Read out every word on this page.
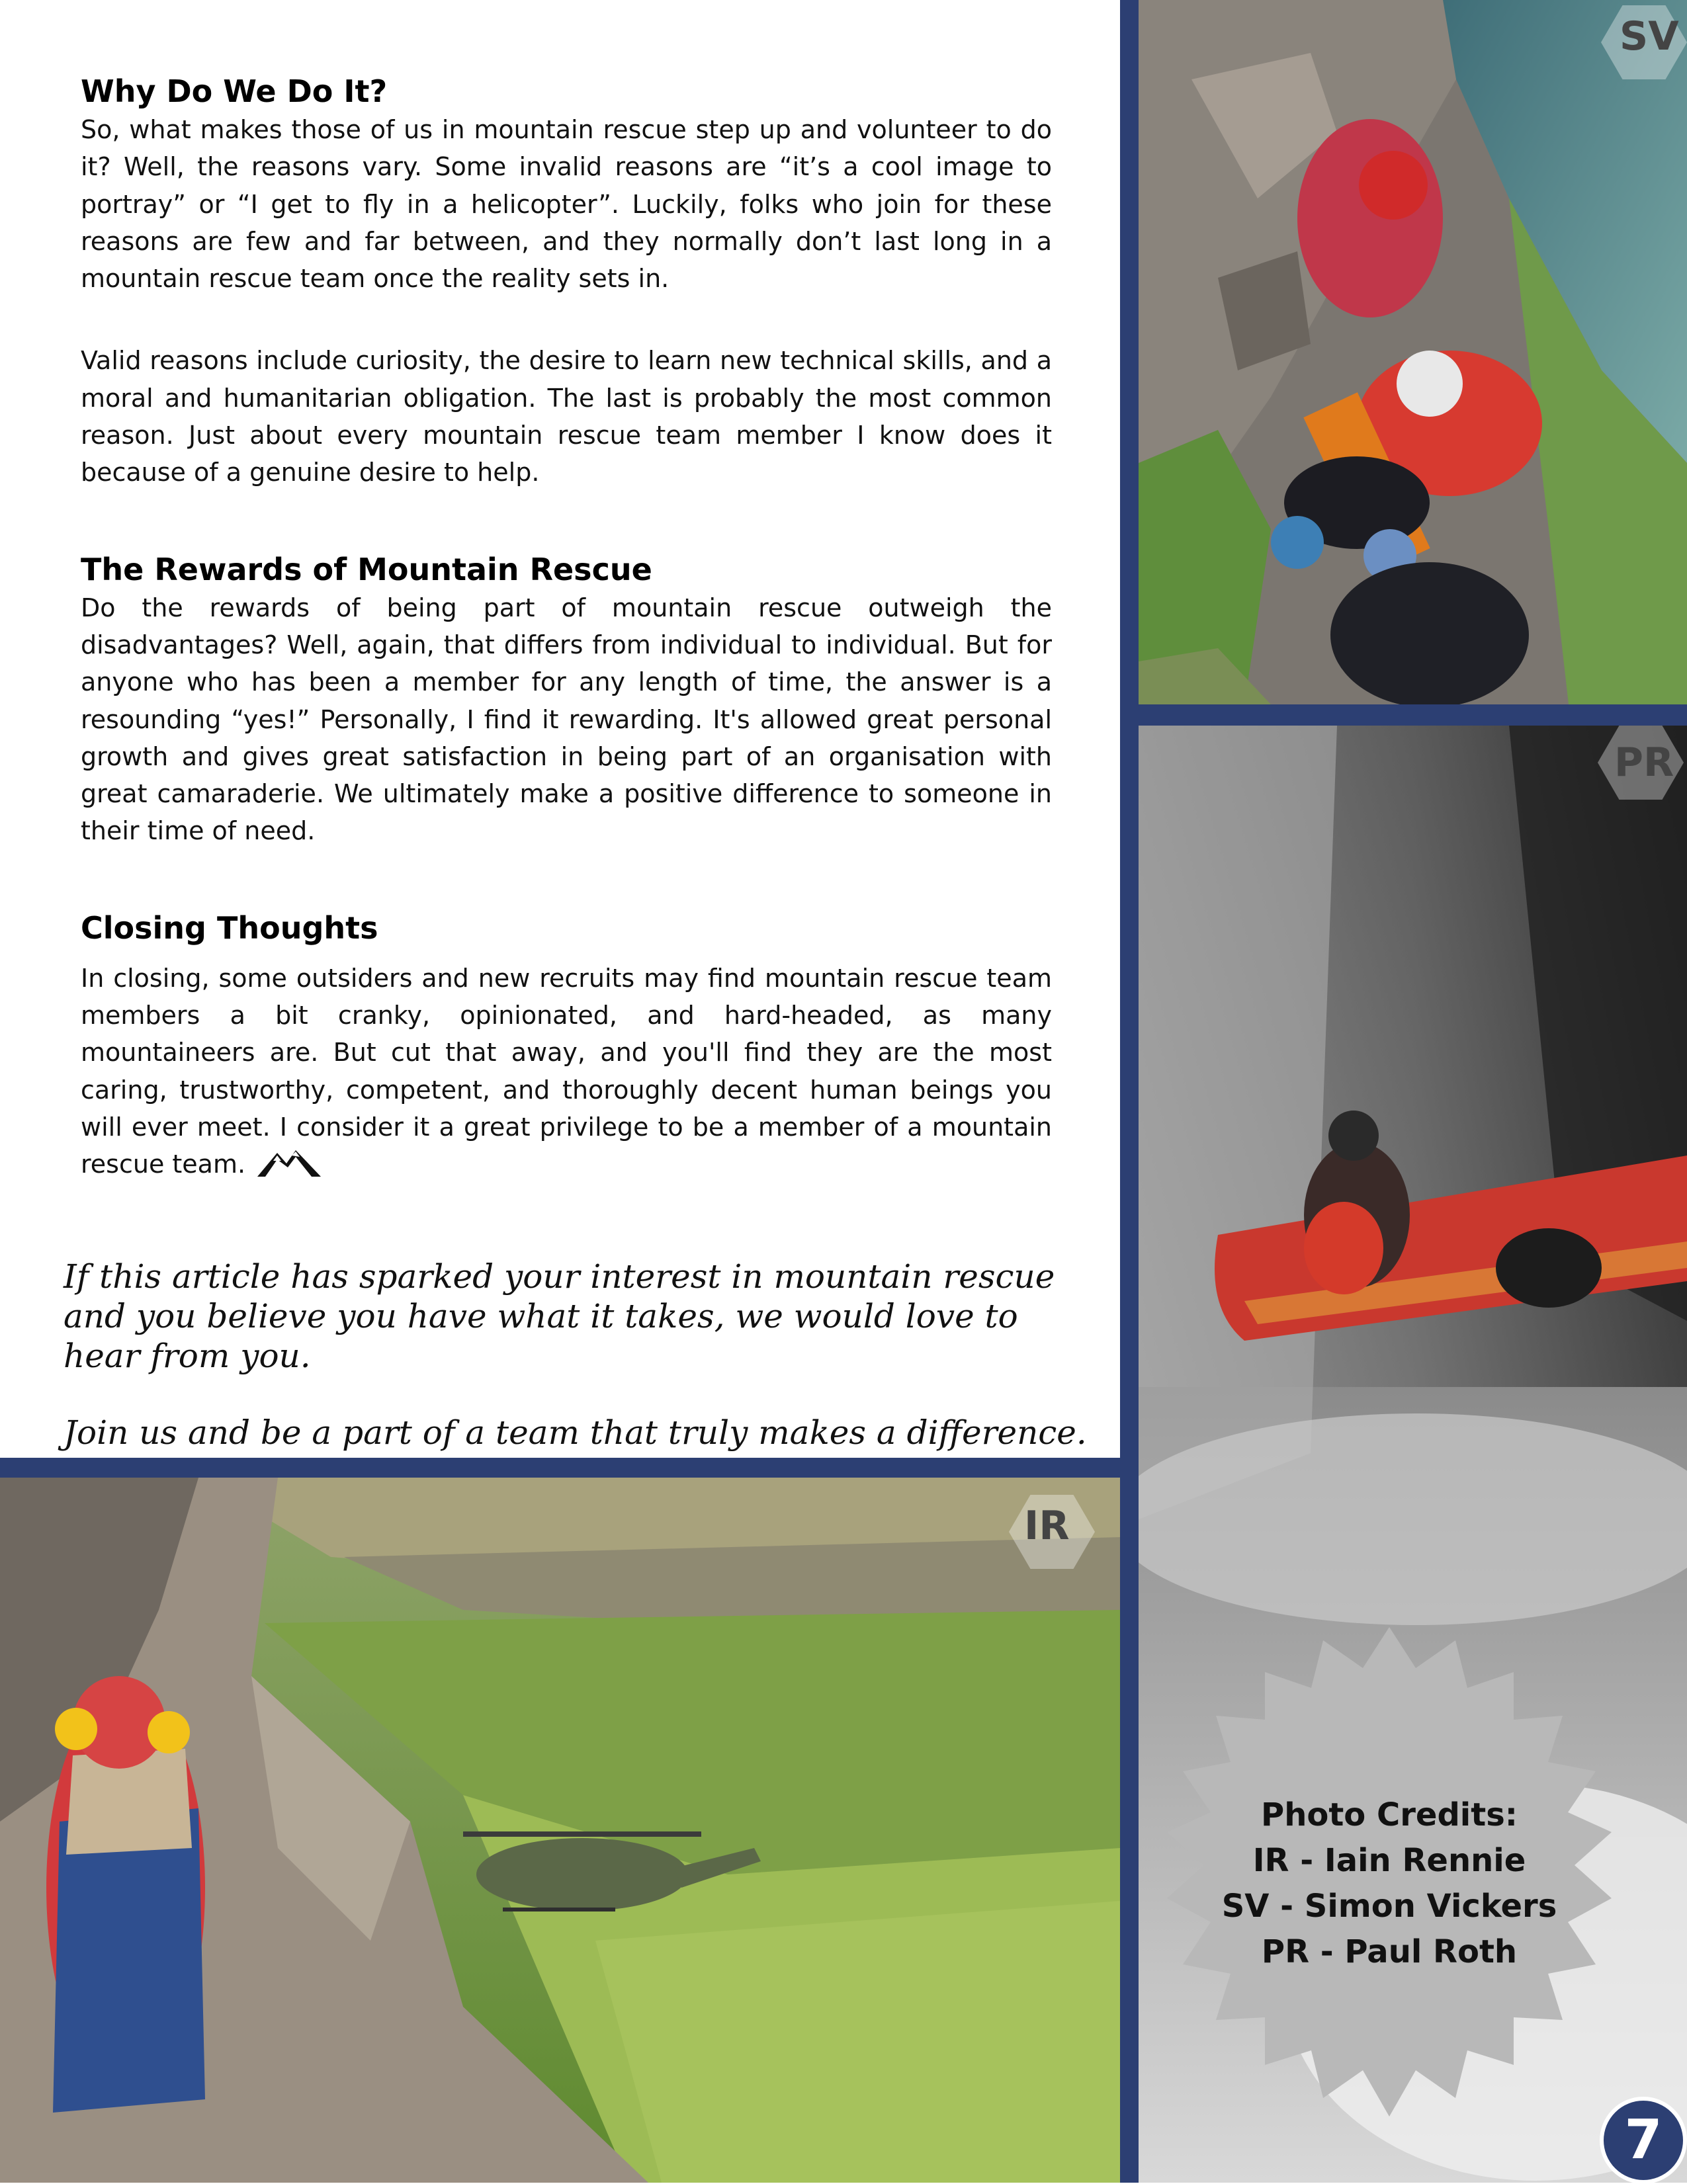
Why Do We Do It?

So, what makes those of us in mountain rescue step up and volunteer to do it? Well, the reasons vary. Some invalid reasons are “it’s a cool image to portray” or “I get to fly in a helicopter”. Luckily, folks who join for these reasons are few and far between, and they normally don’t last long in a mountain rescue team once the reality sets in.

Valid reasons include curiosity, the desire to learn new technical skills, and a moral and humanitarian obligation. The last is probably the most common reason. Just about every mountain rescue team member I know does it because of a genuine desire to help.

The Rewards of Mountain Rescue

Do the rewards of being part of mountain rescue outweigh the disadvantages? Well, again, that differs from individual to individual. But for anyone who has been a member for any length of time, the answer is a resounding “yes!” Personally, I find it rewarding. It's allowed great personal growth and gives great satisfaction in being part of an organisation with great camaraderie. We ultimately make a positive difference to someone in their time of need.

Closing Thoughts

In closing, some outsiders and new recruits may find mountain rescue team members a bit cranky, opinionated, and hard-headed, as many mountaineers are. But cut that away, and you'll find they are the most caring, trustworthy, competent, and thoroughly decent human beings you will ever meet. I consider it a great privilege to be a member of a mountain rescue team.

If this article has sparked your interest in mountain rescue and you believe you have what it takes, we would love to hear from you.

Join us and be a part of a team that truly makes a difference.

SV
PR
IR
Photo Credits:
IR - Iain Rennie
SV - Simon Vickers
PR - Paul Roth
7
